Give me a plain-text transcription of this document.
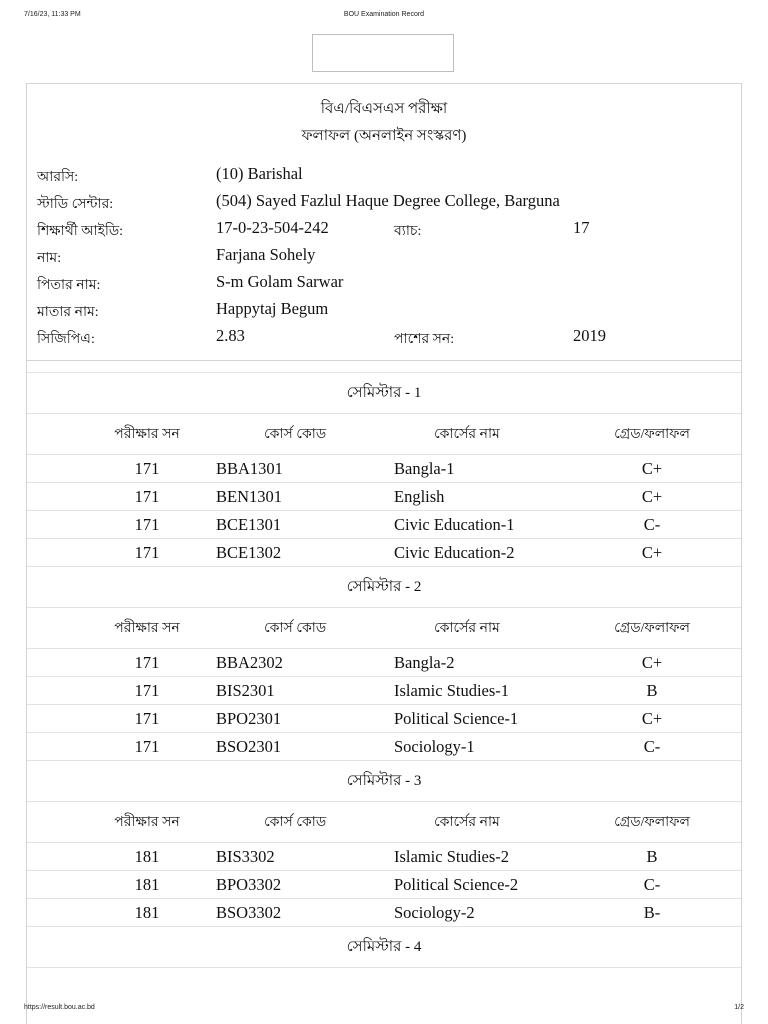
7/16/23, 11:33 PM	BOU Examination Record
বিএ/বিএসএস পরীক্ষা
ফলাফল (অনলাইন সংস্করণ)
আরসি:	(10) Barishal
স্টাডি সেন্টার:	(504) Sayed Fazlul Haque Degree College, Barguna
শিক্ষার্থী আইডি:	17-0-23-504-242	ব্যাচ:	17
নাম:	Farjana Sohely
পিতার নাম:	S-m Golam Sarwar
মাতার নাম:	Happytaj Begum
সিজিপিএ:	2.83	পাশের সন:	2019
সেমিস্টার - 1
পরীক্ষার সন	কোর্স কোড	কোর্সের নাম	গ্রেড/ফলাফল
171	BBA1301	Bangla-1	C+
171	BEN1301	English	C+
171	BCE1301	Civic Education-1	C-
171	BCE1302	Civic Education-2	C+
সেমিস্টার - 2
পরীক্ষার সন	কোর্স কোড	কোর্সের নাম	গ্রেড/ফলাফল
171	BBA2302	Bangla-2	C+
171	BIS2301	Islamic Studies-1	B
171	BPO2301	Political Science-1	C+
171	BSO2301	Sociology-1	C-
সেমিস্টার - 3
পরীক্ষার সন	কোর্স কোড	কোর্সের নাম	গ্রেড/ফলাফল
181	BIS3302	Islamic Studies-2	B
181	BPO3302	Political Science-2	C-
181	BSO3302	Sociology-2	B-
সেমিস্টার - 4
https://result.bou.ac.bd	1/2
